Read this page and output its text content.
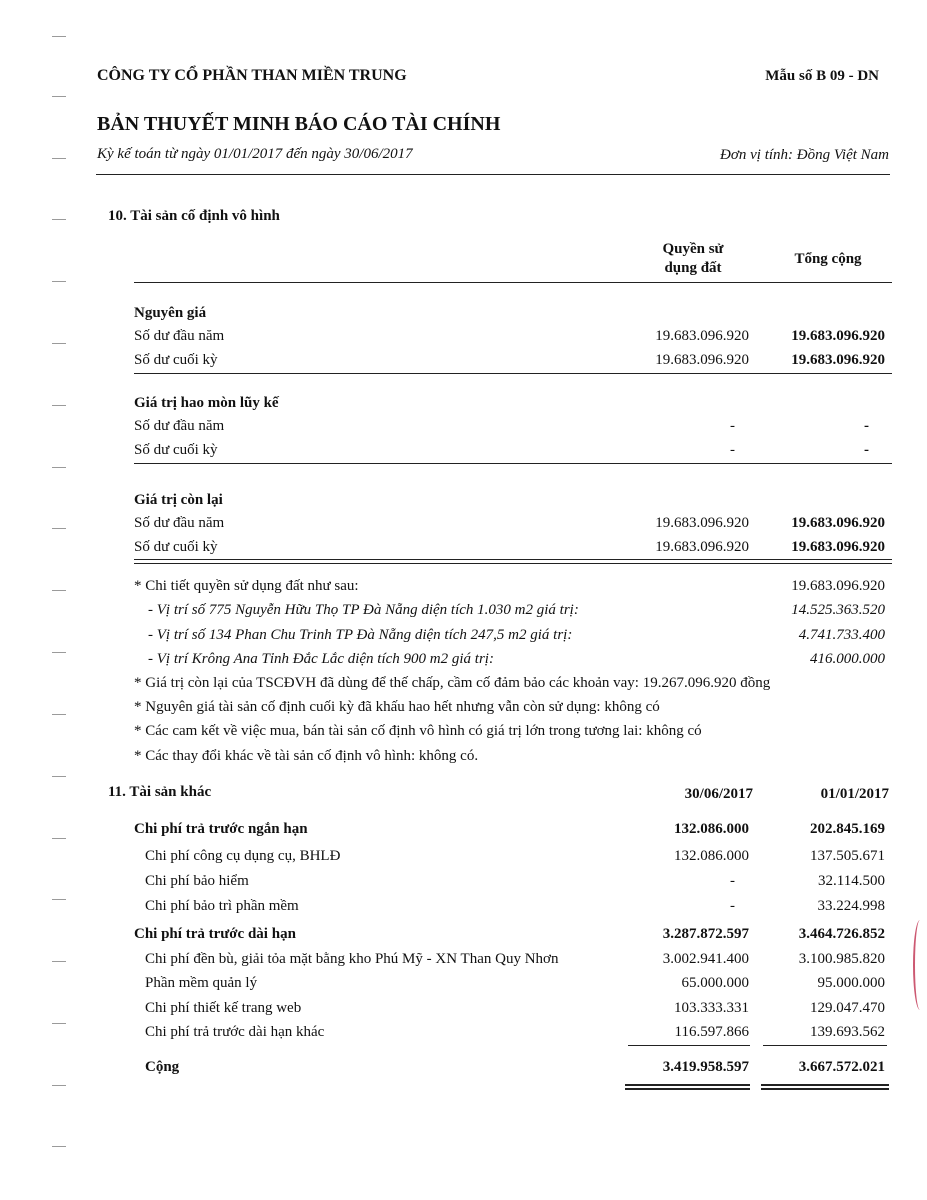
CÔNG TY CỔ PHẦN THAN MIỀN TRUNG	Mẫu số B 09 - DN
BẢN THUYẾT MINH BÁO CÁO TÀI CHÍNH
Kỳ kế toán từ ngày 01/01/2017 đến ngày 30/06/2017	Đơn vị tính: Đồng Việt Nam
10. Tài sản cố định vô hình
Quyền sử
dụng đất
Tổng cộng
Nguyên giá
Số dư đầu năm	19.683.096.920	19.683.096.920
Số dư cuối kỳ	19.683.096.920	19.683.096.920
Giá trị hao mòn lũy kế
Số dư đầu năm	-	-
Số dư cuối kỳ	-	-
Giá trị còn lại
Số dư đầu năm	19.683.096.920	19.683.096.920
Số dư cuối kỳ	19.683.096.920	19.683.096.920
* Chi tiết quyền sử dụng đất như sau:	19.683.096.920
- Vị trí số 775 Nguyễn Hữu Thọ TP Đà Nẵng diện tích 1.030 m2 giá trị:	14.525.363.520
- Vị trí số 134 Phan Chu Trinh TP Đà Nẵng diện tích 247,5 m2 giá trị:	4.741.733.400
- Vị trí Krông Ana Tỉnh Đắc Lắc diện tích 900 m2 giá trị:	416.000.000
* Giá trị còn lại của TSCĐVH đã dùng để thế chấp, cầm cố đảm bảo các khoản vay: 19.267.096.920 đồng
* Nguyên giá tài sản cố định cuối kỳ đã khấu hao hết nhưng vẫn còn sử dụng: không có
* Các cam kết về việc mua, bán tài sản cố định vô hình có giá trị lớn trong tương lai: không có
* Các thay đổi khác về tài sản cố định vô hình: không có.
11. Tài sản khác	30/06/2017	01/01/2017
Chi phí trả trước ngắn hạn	132.086.000	202.845.169
Chi phí công cụ dụng cụ, BHLĐ	132.086.000	137.505.671
Chi phí bảo hiểm	-	32.114.500
Chi phí bảo trì phần mềm	-	33.224.998
Chi phí trả trước dài hạn	3.287.872.597	3.464.726.852
Chi phí đền bù, giải tỏa mặt bằng kho Phú Mỹ - XN Than Quy Nhơn	3.002.941.400	3.100.985.820
Phần mềm quản lý	65.000.000	95.000.000
Chi phí thiết kế trang web	103.333.331	129.047.470
Chi phí trả trước dài hạn khác	116.597.866	139.693.562
Cộng	3.419.958.597	3.667.572.021
